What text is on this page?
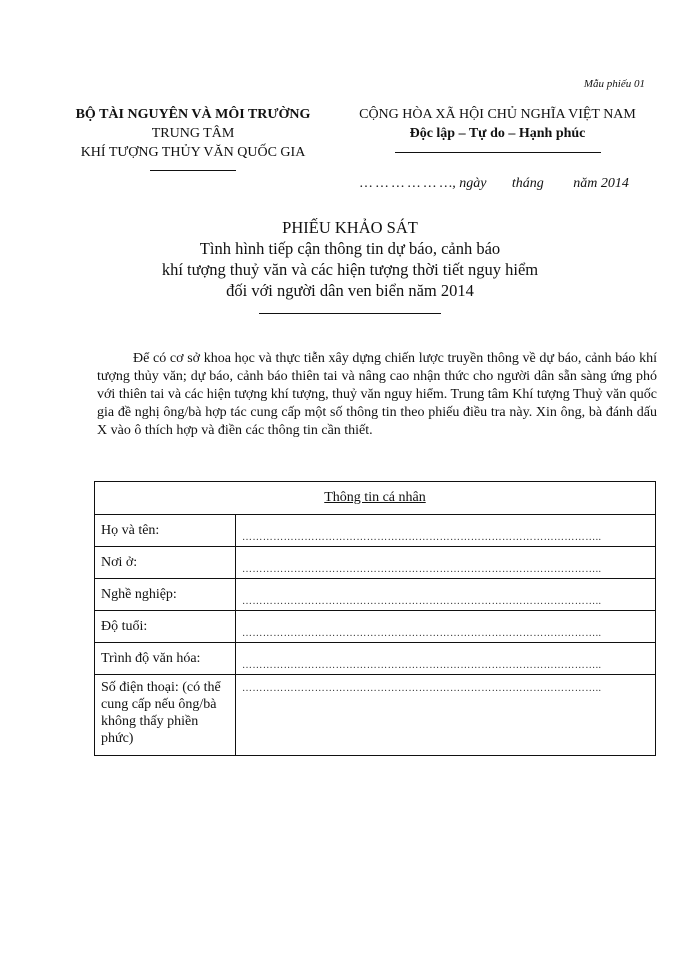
Mẫu phiếu 01
BỘ TÀI NGUYÊN VÀ MÔI TRƯỜNG
TRUNG TÂM
KHÍ TƯỢNG THỦY VĂN QUỐC GIA
CỘNG HÒA XÃ HỘI CHỦ NGHĨA VIỆT NAM
Độc lập – Tự do – Hạnh phúc
… … … … … …, ngày tháng năm 2014
PHIẾU KHẢO SÁT
Tình hình tiếp cận thông tin dự báo, cảnh báo
khí tượng thuỷ văn và các hiện tượng thời tiết nguy hiểm
đối với người dân ven biển năm 2014

Để có cơ sở khoa học và thực tiễn xây dựng chiến lược truyền thông về dự báo, cảnh báo khí tượng thủy văn; dự báo, cảnh báo thiên tai và nâng cao nhận thức cho người dân sẵn sàng ứng phó với thiên tai và các hiện tượng khí tượng, thuỷ văn nguy hiểm. Trung tâm Khí tượng Thuỷ văn quốc gia đề nghị ông/bà hợp tác cung cấp một số thông tin theo phiếu điều tra này. Xin ông, bà đánh dấu X vào ô thích hợp và điền các thông tin cần thiết.

Thông tin cá nhân	
Họ và tên:	…………………………………………………………………………………………..
Nơi ở:	…………………………………………………………………………………………..
Nghề nghiệp:	…………………………………………………………………………………………..
Độ tuổi:	…………………………………………………………………………………………..
Trình độ văn hóa:	…………………………………………………………………………………………..
Số điện thoại: (có thể cung cấp nếu ông/bà không thấy phiền phức)	…………………………………………………………………………………………..
